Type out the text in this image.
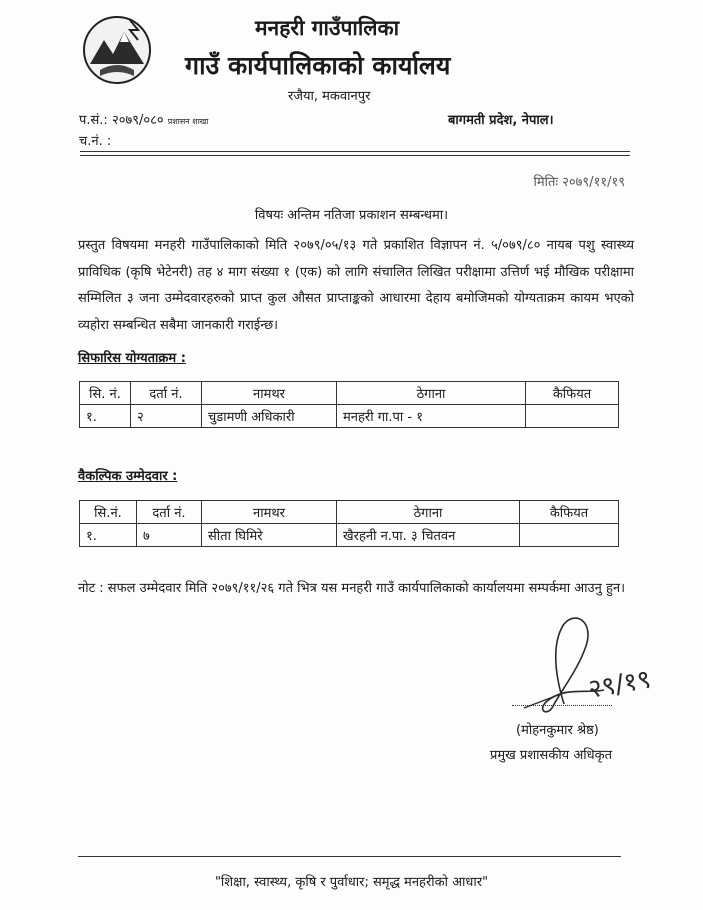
मनहरी गाउँपालिका
गाउँ कार्यपालिकाको कार्यालय
रजैया, मकवानपुर
प.सं.: २०७९/०८० प्रशासन शाखा
च.नं. :
बागमती प्रदेश, नेपाल।
मितिः २०७९/११/१९
विषयः अन्तिम नतिजा प्रकाशन सम्बन्धमा।
प्रस्तुत विषयमा मनहरी गाउँपालिकाको मिति २०७९/०५/१३ गते प्रकाशित विज्ञापन नं. ५/०७९/८० नायब पशु स्वास्थ्य प्राविधिक (कृषि भेटेनरी) तह ४ माग संख्या १ (एक) को लागि संचालित लिखित परीक्षामा उत्तिर्ण भई मौखिक परीक्षामा सम्मिलित ३ जना उम्मेदवारहरुको प्राप्त कुल औसत प्राप्ताङ्कको आधारमा देहाय बमोजिमको योग्यताक्रम कायम भएको व्यहोरा सम्बन्धित सबैमा जानकारी गराईन्छ।
सिफारिस योग्यताक्रम :
सि. नं.	दर्ता नं.	नामथर	ठेगाना	कैफियत
१.	२	चुडामणी अधिकारी	मनहरी गा.पा - १	
वैकल्पिक उम्मेदवार :
सि.नं.	दर्ता नं.	नामथर	ठेगाना	कैफियत
१.	७	सीता घिमिरे	खैरहनी न.पा. ३ चितवन	
नोट : सफल उम्मेदवार मिति २०७९/११/२६ गते भित्र यस मनहरी गाउँ कार्यपालिकाको कार्यालयमा सम्पर्कमा आउनु हुन।
२९/१९
(मोहनकुमार श्रेष्ठ)
प्रमुख प्रशासकीय अधिकृत
"शिक्षा, स्वास्थ्य, कृषि र पुर्वाधार; समृद्ध मनहरीको आधार"
